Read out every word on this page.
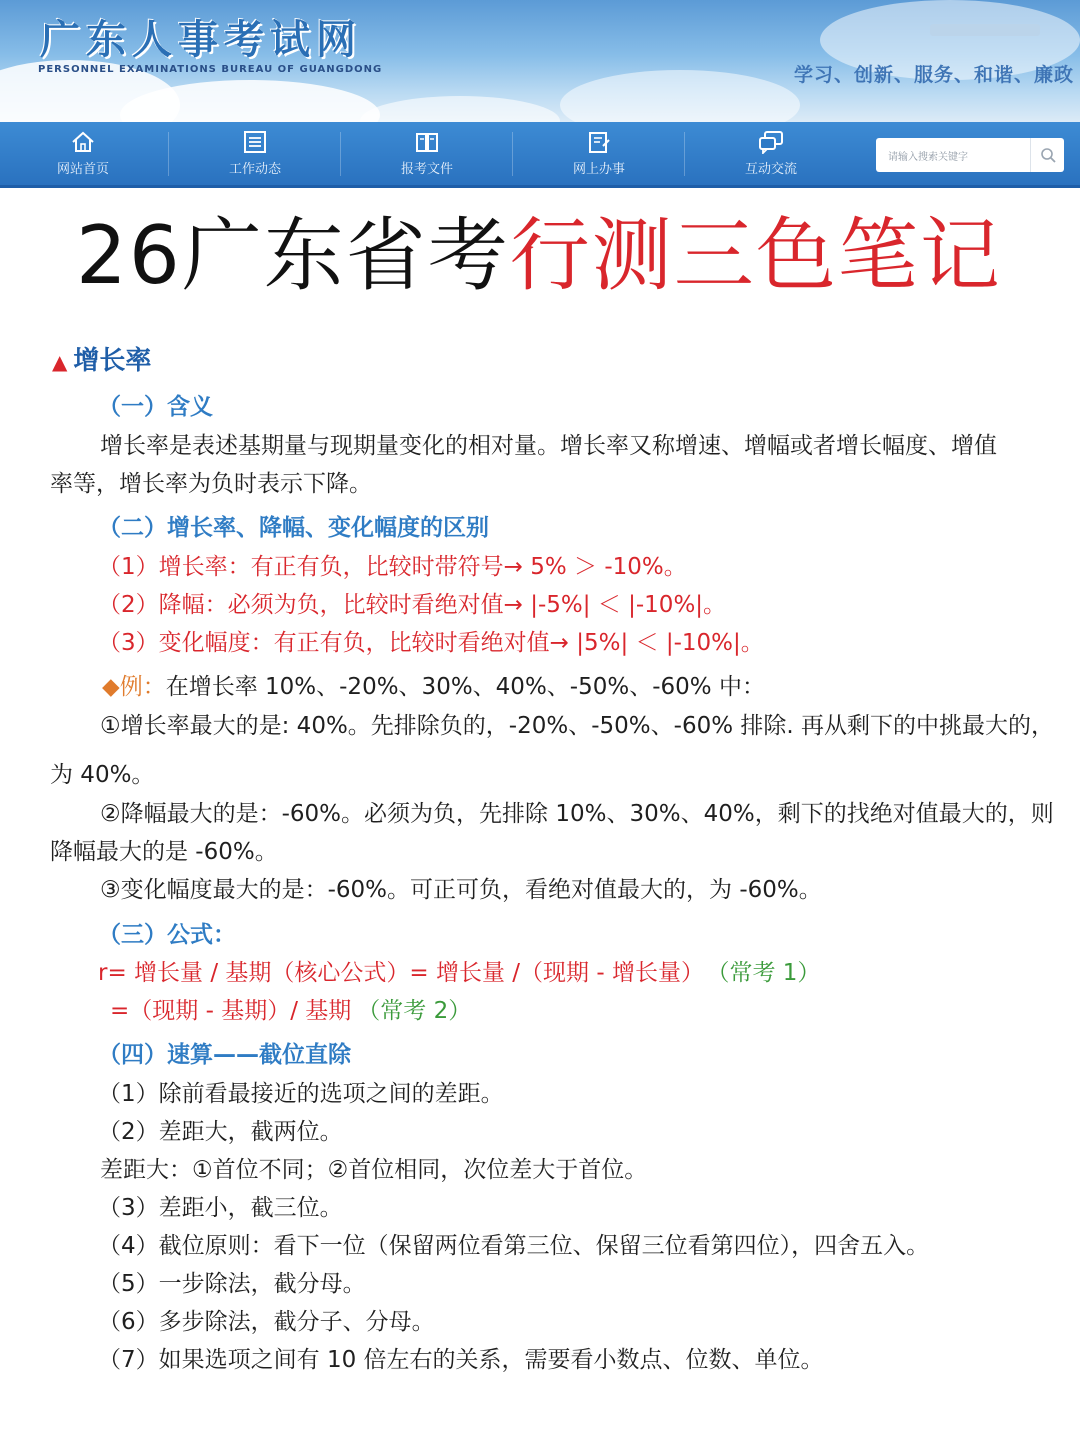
广东人事考试网
PERSONNEL EXAMINATIONS BUREAU OF GUANGDONG	学习、创新、服务、和谐、廉政
网站首页	工作动态	报考文件	网上办事	互动交流
请输入搜索关键字
26广东省考行测三色笔记
▲ 增长率
（一）含义
增长率是表述基期量与现期量变化的相对量。增长率又称增速、增幅或者增长幅度、增值
率等，增长率为负时表示下降。
（二）增长率、降幅、变化幅度的区别
（1）增长率：有正有负，比较时带符号→ 5% ＞ -10%。
（2）降幅：必须为负，比较时看绝对值→ |-5%| ＜ |-10%|。
（3）变化幅度：有正有负，比较时看绝对值→ |5%| ＜ |-10%|。
◆例：在增长率 10%、-20%、30%、40%、-50%、-60% 中：
①增长率最大的是: 40%。先排除负的，-20%、-50%、-60% 排除. 再从剩下的中挑最大的，
为 40%。
②降幅最大的是：-60%。必须为负，先排除 10%、30%、40%，剩下的找绝对值最大的，则
降幅最大的是 -60%。
③变化幅度最大的是：-60%。可正可负，看绝对值最大的，为 -60%。
（三）公式：
r= 增长量 / 基期（核心公式）= 增长量 /（现期 - 增长量） （常考 1）
=（现期 - 基期）/ 基期 （常考 2）
（四）速算——截位直除
（1）除前看最接近的选项之间的差距。
（2）差距大，截两位。
差距大：①首位不同；②首位相同，次位差大于首位。
（3）差距小，截三位。
（4）截位原则：看下一位（保留两位看第三位、保留三位看第四位），四舍五入。
（5）一步除法，截分母。
（6）多步除法，截分子、分母。
（7）如果选项之间有 10 倍左右的关系，需要看小数点、位数、单位。
